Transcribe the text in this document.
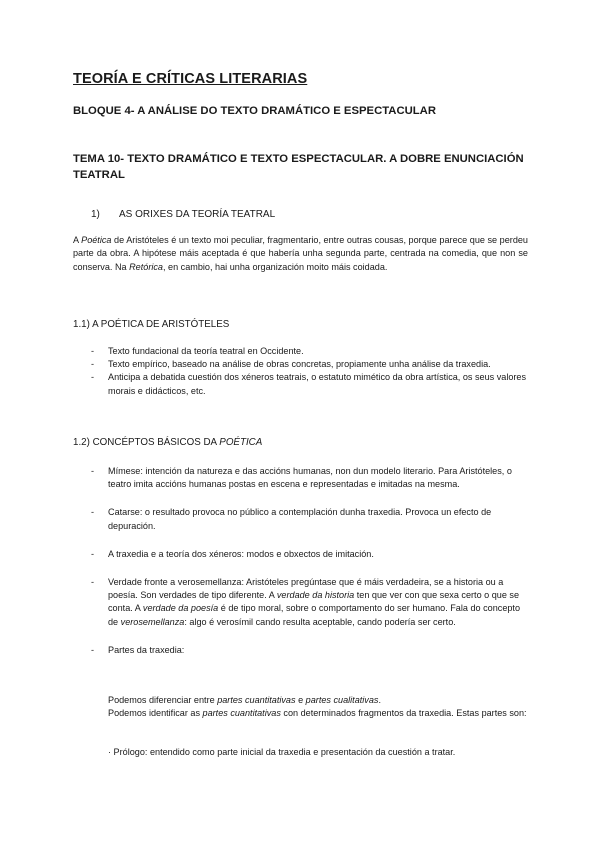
TEORÍA E CRÍTICAS LITERARIAS
BLOQUE 4- A ANÁLISE DO TEXTO DRAMÁTICO E ESPECTACULAR
TEMA 10- TEXTO DRAMÁTICO E TEXTO ESPECTACULAR. A DOBRE ENUNCIACIÓN TEATRAL
1) AS ORIXES DA TEORÍA TEATRAL
A Poética de Aristóteles é un texto moi peculiar, fragmentario, entre outras cousas, porque parece que se perdeu parte da obra. A hipótese máis aceptada é que habería unha segunda parte, centrada na comedia, que non se conserva. Na Retórica, en cambio, hai unha organización moito máis coidada.
1.1) A POÉTICA DE ARISTÓTELES
- Texto fundacional da teoría teatral en Occidente.
- Texto empírico, baseado na análise de obras concretas, propiamente unha análise da traxedia.
- Anticipa a debatida cuestión dos xéneros teatrais, o estatuto mimético da obra artística, os seus valores morais e didácticos, etc.
1.2) CONCÉPTOS BÁSICOS DA POÉTICA
- Mímese: intención da natureza e das accións humanas, non dun modelo literario. Para Aristóteles, o teatro imita accións humanas postas en escena e representadas e imitadas na mesma.
- Catarse: o resultado provoca no público a contemplación dunha traxedia. Provoca un efecto de depuración.
- A traxedia e a teoría dos xéneros: modos e obxectos de imitación.
- Verdade fronte a verosemellanza: Aristóteles pregúntase que é máis verdadeira, se a historia ou a poesía. Son verdades de tipo diferente. A verdade da historia ten que ver con que sexa certo o que se conta. A verdade da poesía é de tipo moral, sobre o comportamento do ser humano. Fala do concepto de verosemellanza: algo é verosímil cando resulta aceptable, cando podería ser certo.
- Partes da traxedia:
Podemos diferenciar entre partes cuantitativas e partes cualitativas.
Podemos identificar as partes cuantitativas con determinados fragmentos da traxedia. Estas partes son:
· Prólogo: entendido como parte inicial da traxedia e presentación da cuestión a tratar.
